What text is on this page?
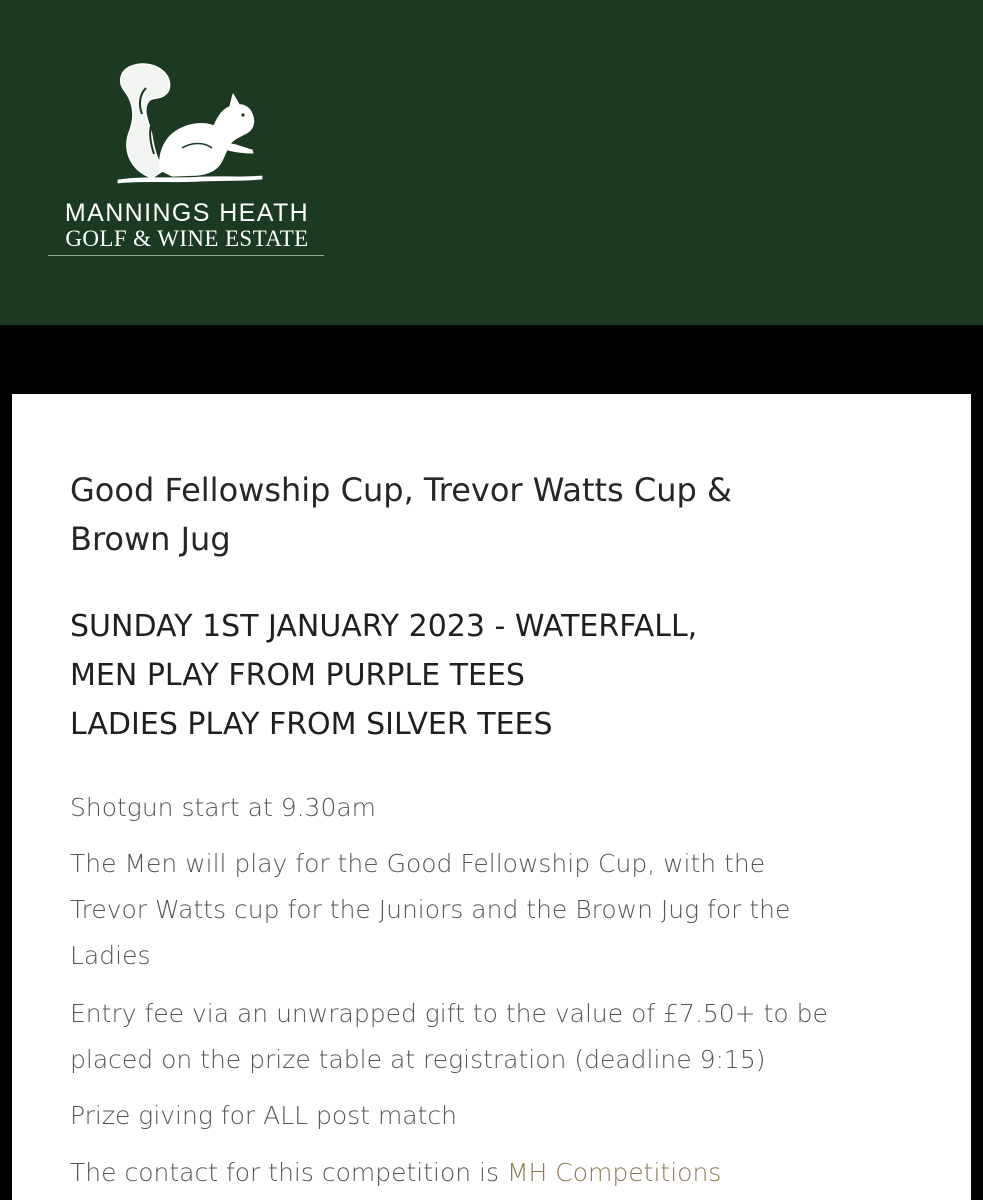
MANNINGS HEATH
GOLF & WINE ESTATE
Good Fellowship Cup, Trevor Watts Cup &
Brown Jug
SUNDAY 1ST JANUARY 2023 - WATERFALL,
MEN PLAY FROM PURPLE TEES
LADIES PLAY FROM SILVER TEES

Shotgun start at 9.30am

The Men will play for the Good Fellowship Cup, with the
Trevor Watts cup for the Juniors and the Brown Jug for the
Ladies

Entry fee via an unwrapped gift to the value of £7.50+ to be
placed on the prize table at registration (deadline 9:15)

Prize giving for ALL post match

The contact for this competition is MH Competitions
